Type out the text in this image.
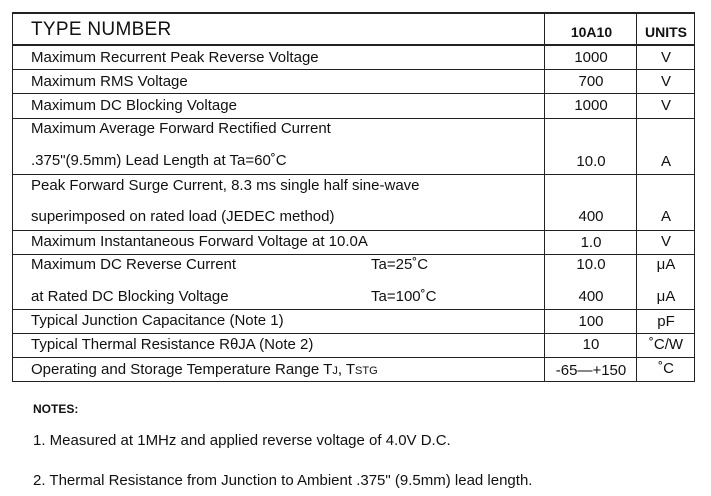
TYPE NUMBER	10A10	UNITS
Maximum Recurrent Peak Reverse Voltage	1000	V
Maximum RMS Voltage	700	V
Maximum DC Blocking Voltage	1000	V
Maximum Average Forward Rectified Current
.375"(9.5mm) Lead Length at Ta=60˚C	10.0	A
Peak Forward Surge Current, 8.3 ms single half sine-wave
superimposed on rated load (JEDEC method)	400	A
Maximum Instantaneous Forward Voltage at 10.0A	1.0	V
Maximum DC Reverse Current	Ta=25˚C	10.0	μA
at Rated DC Blocking Voltage	Ta=100˚C	400	μA
Typical Junction Capacitance (Note 1)	100	pF
Typical Thermal Resistance RθJA (Note 2)	10	˚C/W
Operating and Storage Temperature Range TJ, TSTG	-65—+150	˚C
NOTES:
1. Measured at 1MHz and applied reverse voltage of 4.0V D.C.
2. Thermal Resistance from Junction to Ambient .375" (9.5mm) lead length.
